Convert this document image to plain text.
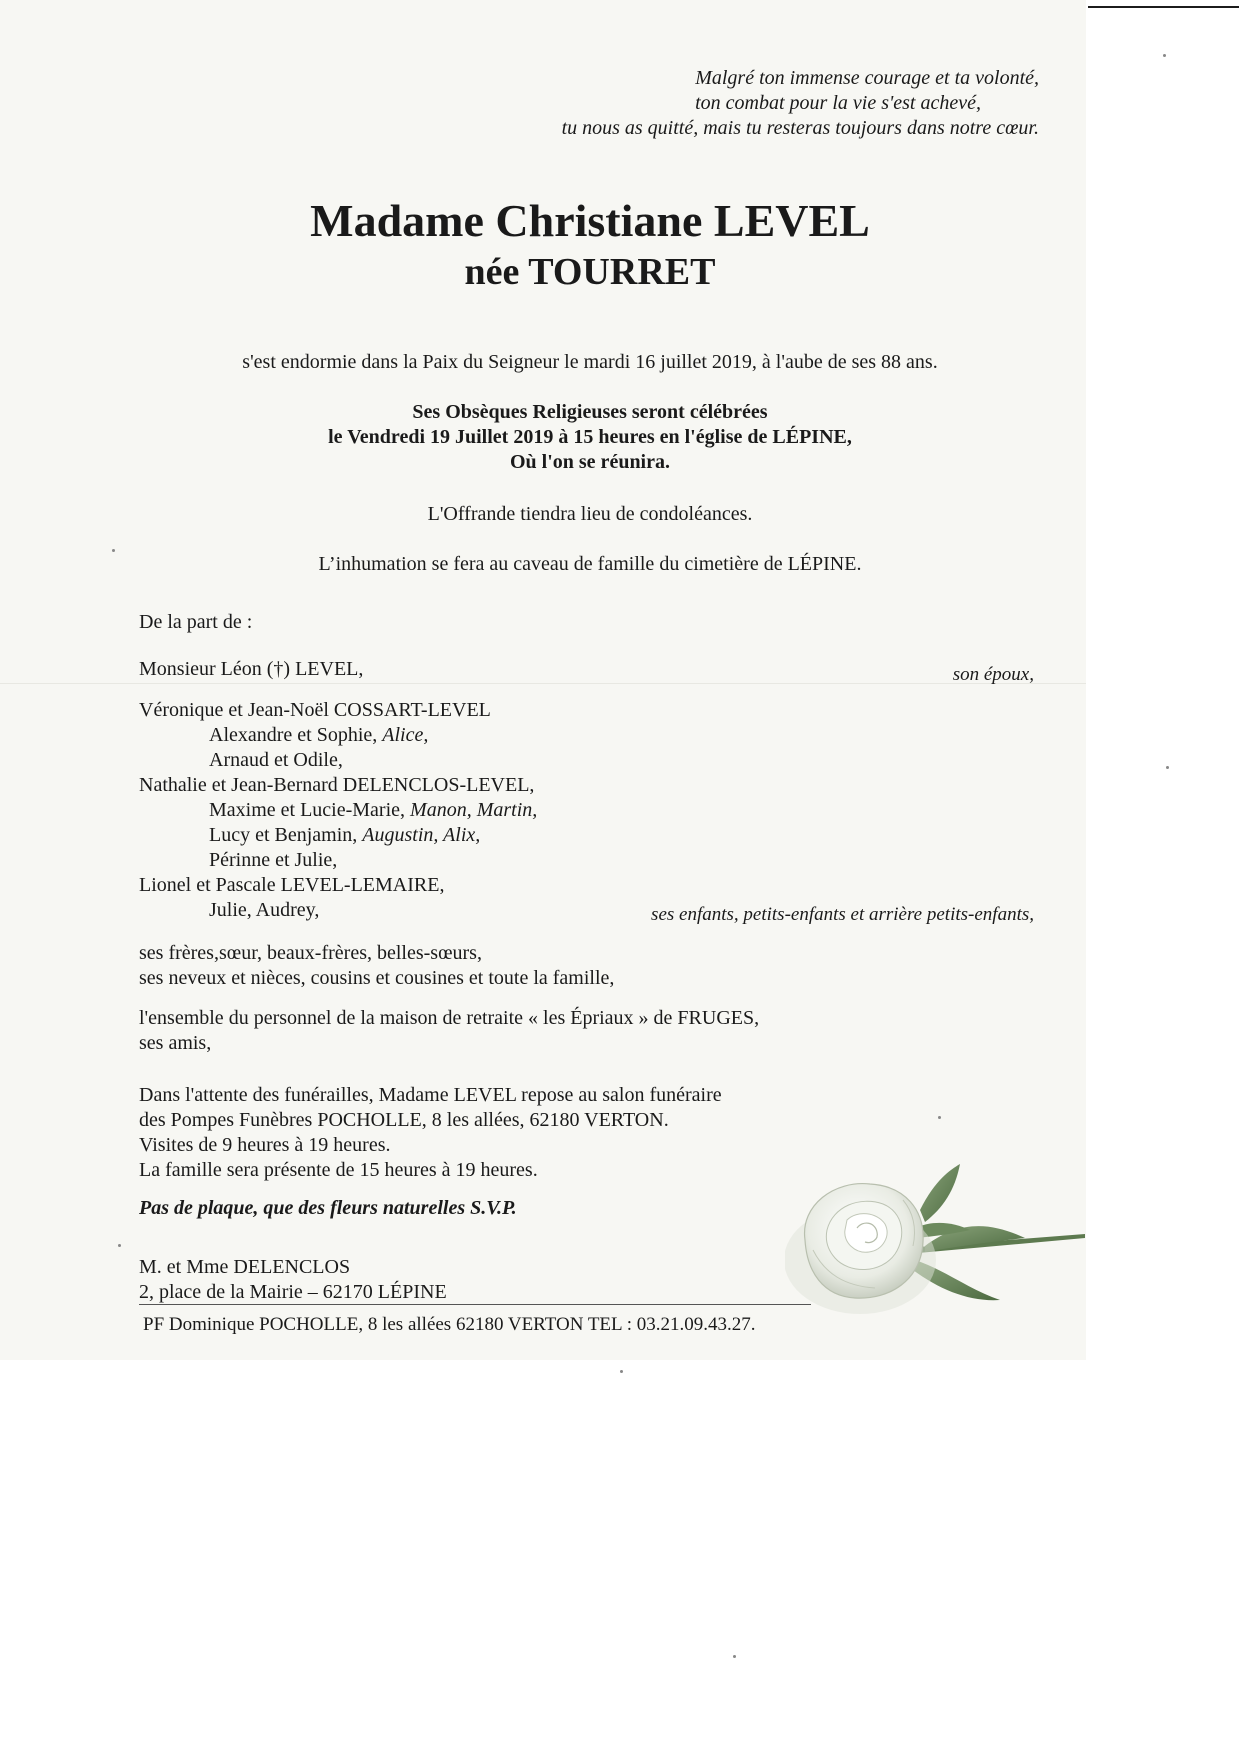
Malgré ton immense courage et ta volonté,
ton combat pour la vie s'est achevé,
tu nous as quitté, mais tu resteras toujours dans notre cœur.
Madame Christiane LEVEL
née TOURRET
s'est endormie dans la Paix du Seigneur le mardi 16 juillet 2019, à l'aube de ses 88 ans.
Ses Obsèques Religieuses seront célébrées
le Vendredi 19 Juillet 2019 à 15 heures en l'église de LÉPINE,
Où l'on se réunira.
L'Offrande tiendra lieu de condoléances.
L’inhumation se fera au caveau de famille du cimetière de LÉPINE.
De la part de :
Monsieur Léon (†) LEVEL,	son époux,
Véronique et Jean-Noël COSSART-LEVEL
Alexandre et Sophie, Alice,
Arnaud et Odile,
Nathalie et Jean-Bernard DELENCLOS-LEVEL,
Maxime et Lucie-Marie, Manon, Martin,
Lucy et Benjamin, Augustin, Alix,
Périnne et Julie,
Lionel et Pascale LEVEL-LEMAIRE,
Julie, Audrey,	ses enfants, petits-enfants et arrière petits-enfants,
ses frères,sœur, beaux-frères, belles-sœurs,
ses neveux et nièces, cousins et cousines et toute la famille,
l'ensemble du personnel de la maison de retraite « les Épriaux » de FRUGES,
ses amis,
Dans l'attente des funérailles, Madame LEVEL repose au salon funéraire
des Pompes Funèbres POCHOLLE, 8 les allées, 62180 VERTON.
Visites de 9 heures à 19 heures.
La famille sera présente de 15 heures à 19 heures.
Pas de plaque, que des fleurs naturelles S.V.P.
M. et Mme DELENCLOS
2, place de la Mairie – 62170 LÉPINE
PF Dominique POCHOLLE, 8 les allées 62180 VERTON TEL : 03.21.09.43.27.
